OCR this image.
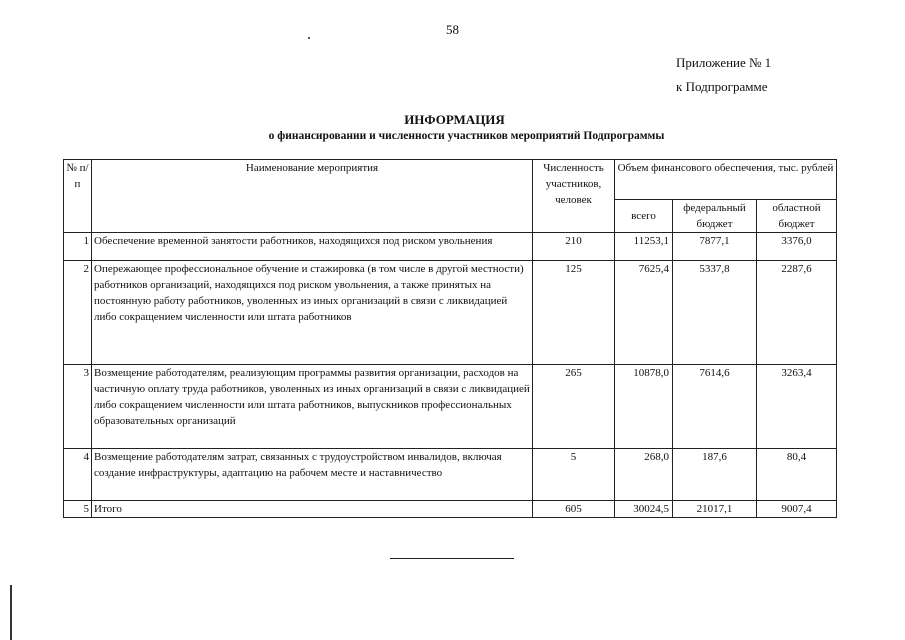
58
Приложение № 1
к Подпрограмме
ИНФОРМАЦИЯ
о финансировании и численности участников мероприятий Подпрограммы
№ п/п	Наименование мероприятия	Численность участников, человек	Объем финансового обеспечения, тыс. рублей		
			всего	федеральный бюджет	областной бюджет
1	Обеспечение временной занятости работников, находящихся под риском увольнения	210	11253,1	7877,1	3376,0
2	Опережающее профессиональное обучение и стажировка (в том числе в другой местности) работников организаций, находящихся под риском увольнения, а также принятых на постоянную работу работников, уволенных из иных организаций в связи с ликвидацией либо сокращением численности или штата работников	125	7625,4	5337,8	2287,6
3	Возмещение работодателям, реализующим программы развития организации, расходов на частичную оплату труда работников, уволенных из иных организаций в связи с ликвидацией либо сокращением численности или штата работников, выпускников профессиональных образовательных организаций	265	10878,0	7614,6	3263,4
4	Возмещение работодателям затрат, связанных с трудоустройством инвалидов, включая создание инфраструктуры, адаптацию на рабочем месте и наставничество	5	268,0	187,6	80,4
5	Итого	605	30024,5	21017,1	9007,4
